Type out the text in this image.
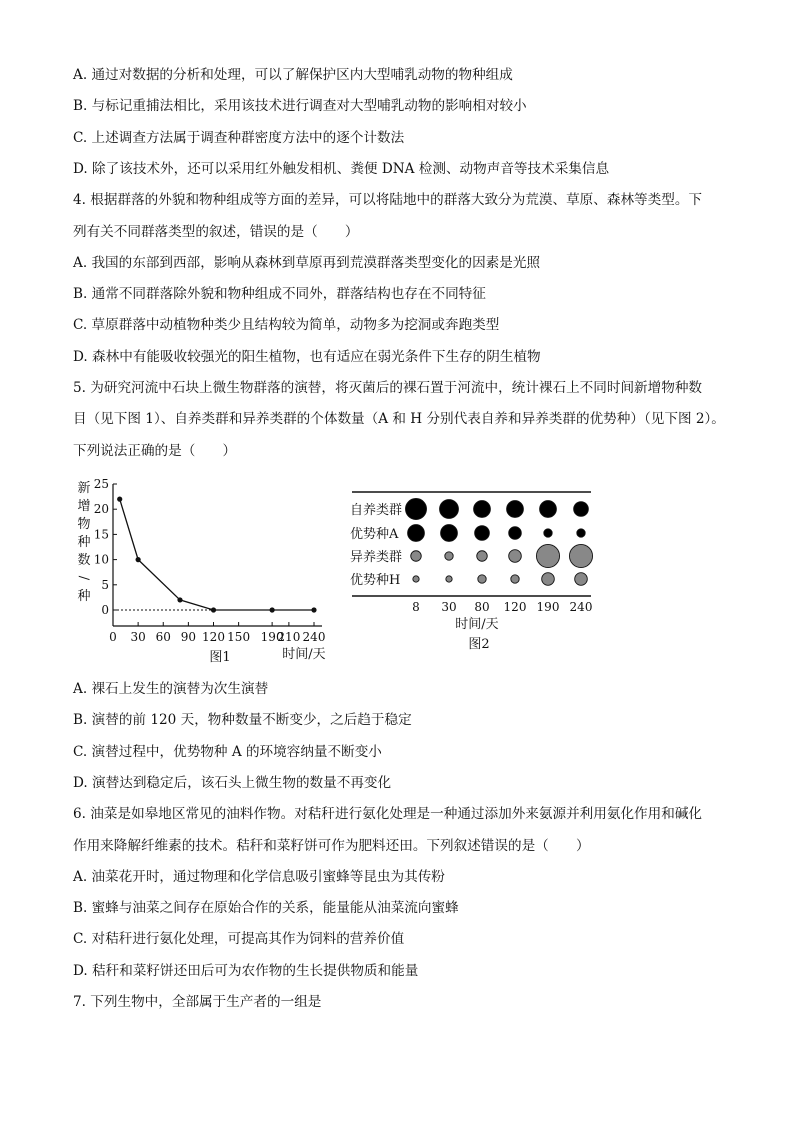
A. 通过对数据的分析和处理，可以了解保护区内大型哺乳动物的物种组成
B. 与标记重捕法相比，采用该技术进行调查对大型哺乳动物的影响相对较小
C. 上述调查方法属于调查种群密度方法中的逐个计数法
D. 除了该技术外，还可以采用红外触发相机、粪便 DNA 检测、动物声音等技术采集信息
4. 根据群落的外貌和物种组成等方面的差异，可以将陆地中的群落大致分为荒漠、草原、森林等类型。下
列有关不同群落类型的叙述，错误的是（　　）
A. 我国的东部到西部，影响从森林到草原再到荒漠群落类型变化的因素是光照
B. 通常不同群落除外貌和物种组成不同外，群落结构也存在不同特征
C. 草原群落中动植物种类少且结构较为简单，动物多为挖洞或奔跑类型
D. 森林中有能吸收较强光的阳生植物，也有适应在弱光条件下生存的阴生植物
5. 为研究河流中石块上微生物群落的演替，将灭菌后的裸石置于河流中，统计裸石上不同时间新增物种数
目（见下图 1）、自养类群和异养类群的个体数量（A 和 H 分别代表自养和异养类群的优势种）（见下图 2）。
下列说法正确的是（　　）
0
5
10
15
20
25
0 30 60 90 120 150 190
210 240
新
增
物
种
数
/
种
时间/天
图1
自养类群
优势种A
异养类群
优势种H
8 30 80 120 190 240
时间/天
图2
A. 裸石上发生的演替为次生演替
B. 演替的前 120 天，物种数量不断变少，之后趋于稳定
C. 演替过程中，优势物种 A 的环境容纳量不断变小
D. 演替达到稳定后，该石头上微生物的数量不再变化
6. 油菜是如皋地区常见的油料作物。对秸秆进行氨化处理是一种通过添加外来氨源并利用氨化作用和碱化
作用来降解纤维素的技术。秸秆和菜籽饼可作为肥料还田。下列叙述错误的是（　　）
A. 油菜花开时，通过物理和化学信息吸引蜜蜂等昆虫为其传粉
B. 蜜蜂与油菜之间存在原始合作的关系，能量能从油菜流向蜜蜂
C. 对秸秆进行氨化处理，可提高其作为饲料的营养价值
D. 秸秆和菜籽饼还田后可为农作物的生长提供物质和能量
7. 下列生物中，全部属于生产者的一组是
